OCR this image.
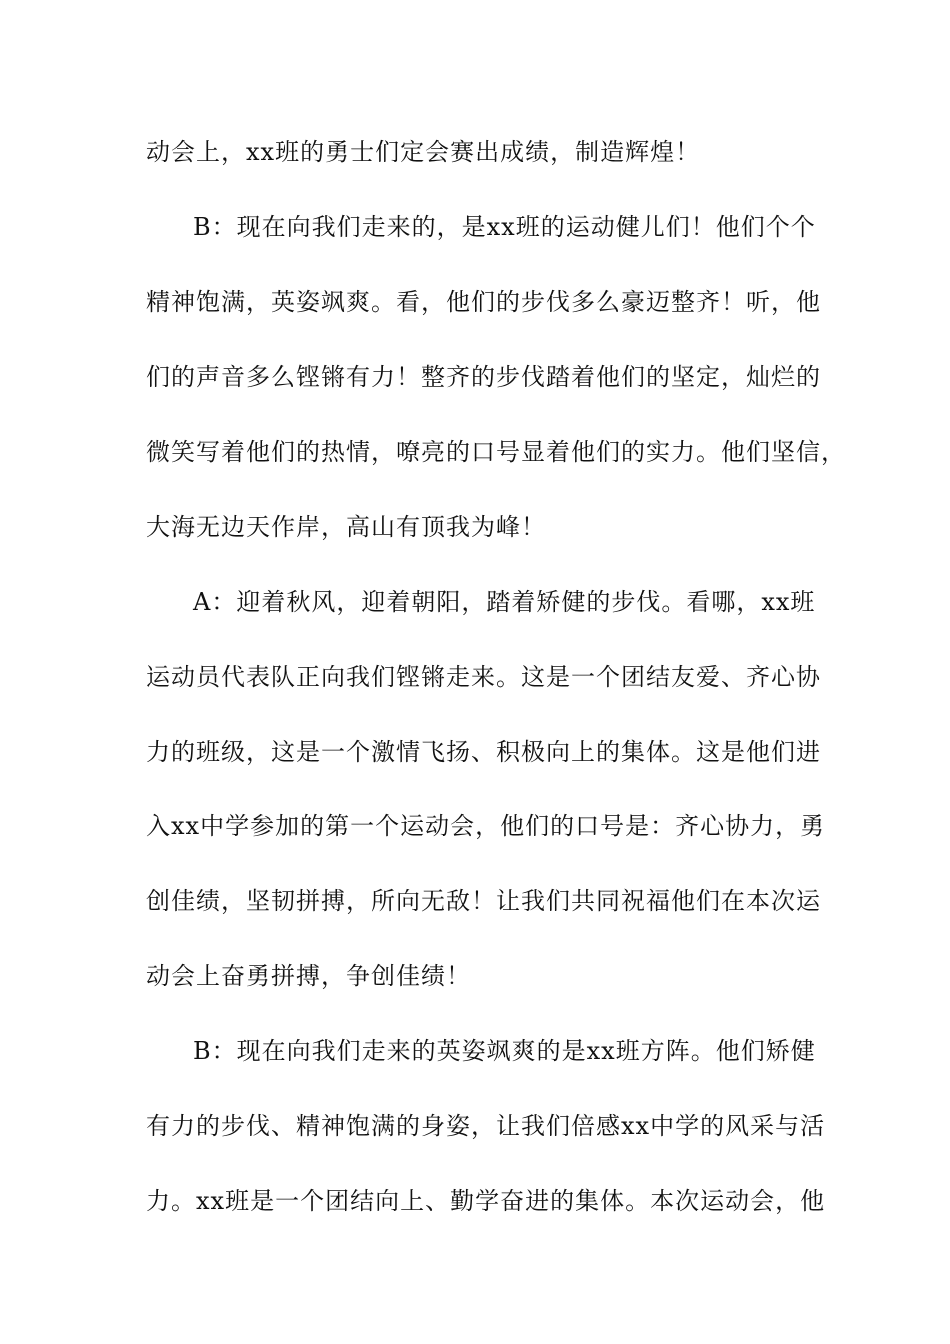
动会上，xx班的勇士们定会赛出成绩，制造辉煌！
B：现在向我们走来的，是xx班的运动健儿们！他们个个
精神饱满，英姿飒爽。看，他们的步伐多么豪迈整齐！听，他
们的声音多么铿锵有力！整齐的步伐踏着他们的坚定，灿烂的
微笑写着他们的热情，嘹亮的口号显着他们的实力。他们坚信，
大海无边天作岸，高山有顶我为峰！
A：迎着秋风，迎着朝阳，踏着矫健的步伐。看哪，xx班
运动员代表队正向我们铿锵走来。这是一个团结友爱、齐心协
力的班级，这是一个激情飞扬、积极向上的集体。这是他们进
入xx中学参加的第一个运动会，他们的口号是：齐心协力，勇
创佳绩，坚韧拼搏，所向无敌！让我们共同祝福他们在本次运
动会上奋勇拼搏，争创佳绩！
B：现在向我们走来的英姿飒爽的是xx班方阵。他们矫健
有力的步伐、精神饱满的身姿，让我们倍感xx中学的风采与活
力。xx班是一个团结向上、勤学奋进的集体。本次运动会，他
